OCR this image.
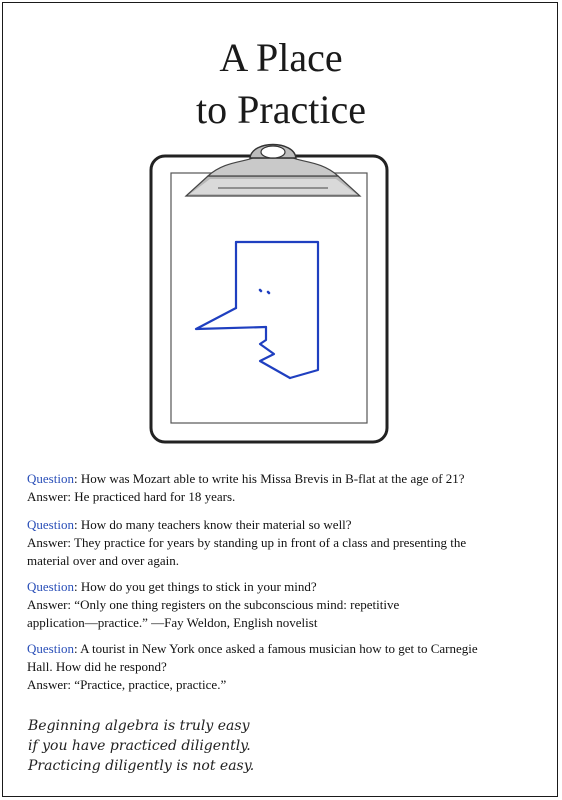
A Place
to Practice
Question: How was Mozart able to write his Missa Brevis in B-flat at the age of 21?
Answer: He practiced hard for 18 years.
Question: How do many teachers know their material so well?
Answer: They practice for years by standing up in front of a class and presenting the
material over and over again.
Question: How do you get things to stick in your mind?
Answer: “Only one thing registers on the subconscious mind: repetitive
application—practice.” —Fay Weldon, English novelist
Question: A tourist in New York once asked a famous musician how to get to Carnegie
Hall. How did he respond?
Answer: “Practice, practice, practice.”
Beginning algebra is truly easy
if you have practiced diligently.
Practicing diligently is not easy.
